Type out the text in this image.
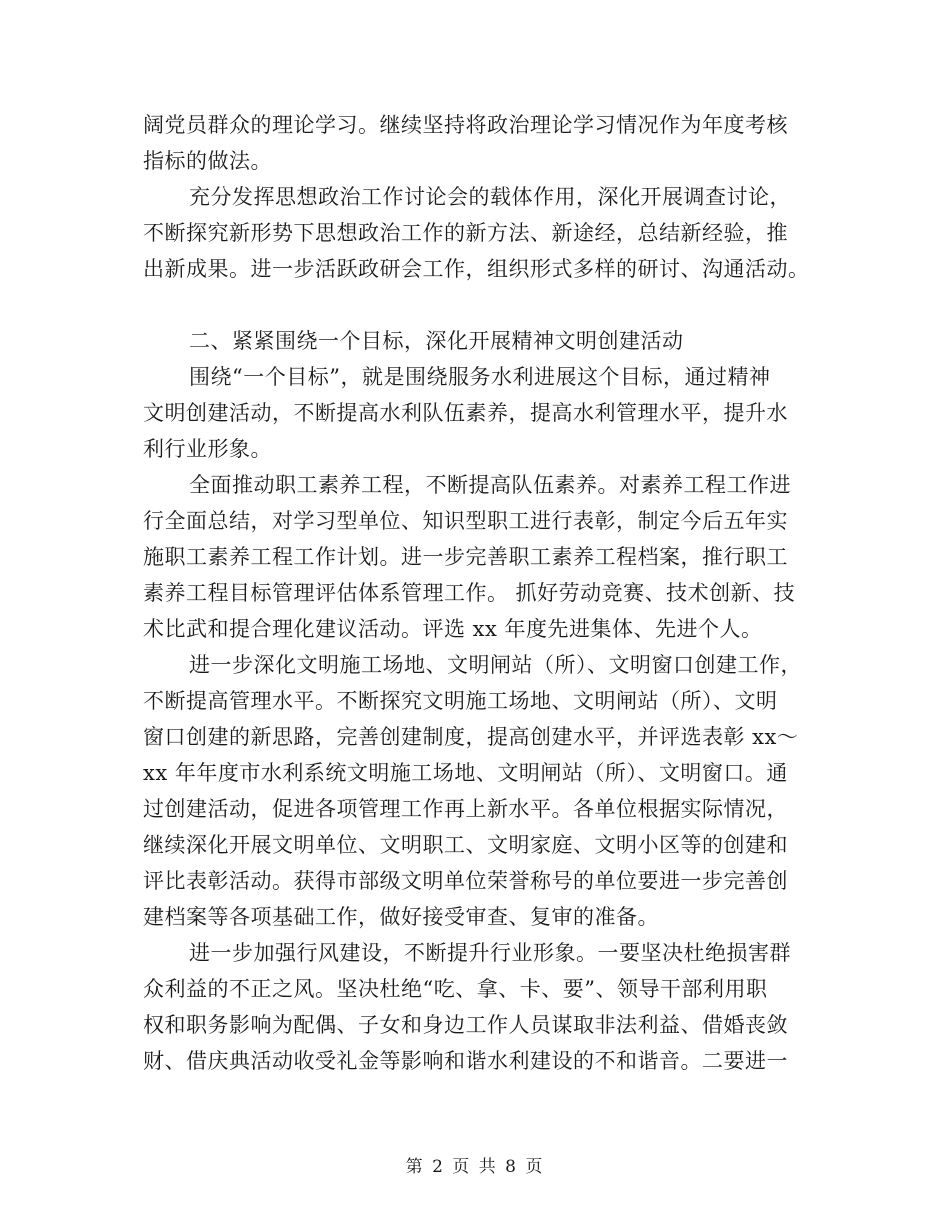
阔党员群众的理论学习。继续坚持将政治理论学习情况作为年度考核
指标的做法。
充分发挥思想政治工作讨论会的载体作用，深化开展调查讨论，
不断探究新形势下思想政治工作的新方法、新途经，总结新经验，推
出新成果。进一步活跃政研会工作，组织形式多样的研讨、沟通活动。
二、紧紧围绕一个目标，深化开展精神文明创建活动
围绕“一个目标”，就是围绕服务水利进展这个目标，通过精神
文明创建活动，不断提高水利队伍素养，提高水利管理水平，提升水
利行业形象。
全面推动职工素养工程，不断提高队伍素养。对素养工程工作进
行全面总结，对学习型单位、知识型职工进行表彰，制定今后五年实
施职工素养工程工作计划。进一步完善职工素养工程档案，推行职工
素养工程目标管理评估体系管理工作。 抓好劳动竞赛、技术创新、技
术比武和提合理化建议活动。评选 xx 年度先进集体、先进个人。
进一步深化文明施工场地、文明闸站（所）、文明窗口创建工作，
不断提高管理水平。不断探究文明施工场地、文明闸站（所）、文明
窗口创建的新思路，完善创建制度，提高创建水平，并评选表彰 xx～
xx 年年度市水利系统文明施工场地、文明闸站（所）、文明窗口。通
过创建活动，促进各项管理工作再上新水平。各单位根据实际情况，
继续深化开展文明单位、文明职工、文明家庭、文明小区等的创建和
评比表彰活动。获得市部级文明单位荣誉称号的单位要进一步完善创
建档案等各项基础工作，做好接受审查、复审的准备。
进一步加强行风建设，不断提升行业形象。一要坚决杜绝损害群
众利益的不正之风。坚决杜绝“吃、拿、卡、要”、领导干部利用职
权和职务影响为配偶、子女和身边工作人员谋取非法利益、借婚丧敛
财、借庆典活动收受礼金等影响和谐水利建设的不和谐音。二要进一
第 2 页 共 8 页
